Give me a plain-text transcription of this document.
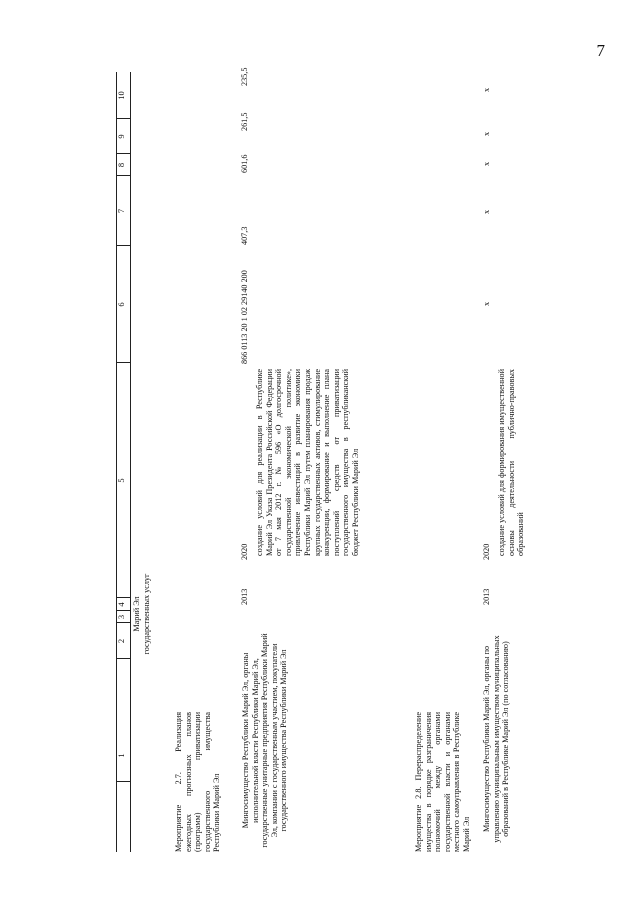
7
1
2
3
4
5
6
7
8
9
10
Марий Эл государственных услуг
Мероприятие 2.7. Реализация ежегодных прогнозных планов (программ) приватизации государственного имущества Республики Марий Эл	Мингосимущество Республики Марий Эл, органы исполнительной власти Республики Марий Эл, государственные унитарные предприятия Республики Марий Эл, компании с государственным участием, покупатели государственного имущества Республики Марий Эл
2013
2020 создание условий для реализации в Республике Марий Эл Указа Президента Российской Федерации от 7 мая 2012 г. № 596 «О долгосрочной государственной экономической политике», привлечение инвестиций в развитие экономики Республики Марий Эл путем планирования продаж крупных государственных активов, стимулирование конкуренции, формирование и выполнение плана поступлений средств от приватизации государственного имущества в республиканский бюджет Республики Марий Эл
866 0113 20 1 02 29140 200
407,3
601,6
261,5
235,5
Мероприятие 2.8. Перераспределение имущества в порядке разграничения полномочий между органами государственной власти и органами местного самоуправления в Республике Марий Эл
Мингосимущество Республики Марий Эл, органы по управлению муниципальным имуществом муниципальных образований в Республике Марий Эл (по согласованию)
2013
2020 создание условий для формирования имущественной основы деятельности публично-правовых образований
х
х
х
х
х
